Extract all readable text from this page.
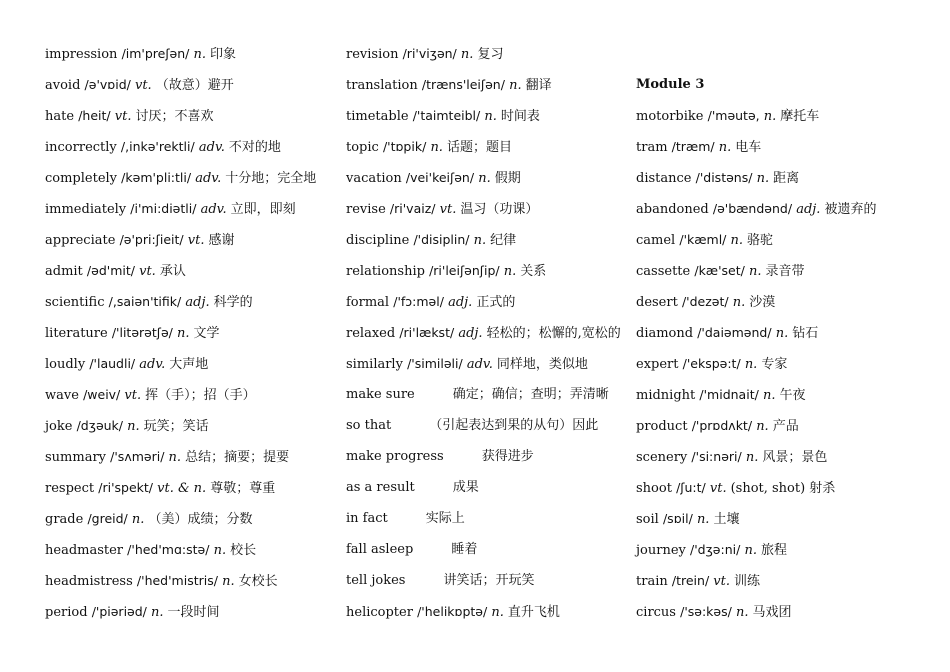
impression /im'preʃən/ n. 印象
avoid /ə'vɒid/ vt. （故意）避开
hate /heit/ vt. 讨厌；不喜欢
incorrectly /,inkə'rektli/ adv. 不对的地
completely /kəm'pli:tli/ adv. 十分地；完全地
immediately /i'mi:diətli/ adv. 立即，即刻
appreciate /ə'pri:ʃieit/ vt. 感谢
admit /əd'mit/ vt. 承认
scientific /,saiən'tifik/ adj. 科学的
literature /'litərətʃə/ n. 文学
loudly /'laudli/ adv. 大声地
wave /weiv/ vt. 挥（手）；招（手）
joke /dʒəuk/ n. 玩笑；笑话
summary /'sʌməri/ n. 总结；摘要；提要
respect /ri'spekt/ vt. & n. 尊敬；尊重
grade /greid/ n. （美）成绩；分数
headmaster /'hed'mɑ:stə/ n. 校长
headmistress /'hed'mistris/ n. 女校长
period /'piəriəd/ n. 一段时间
revision /ri'viʒən/ n. 复习
translation /træns'leiʃən/ n. 翻译
timetable /'taimteibl/ n. 时间表
topic /'tɒpik/ n. 话题；题目
vacation /vei'keiʃən/ n. 假期
revise /ri'vaiz/ vt. 温习（功课）
discipline /'disiplin/ n. 纪律
relationship /ri'leiʃənʃip/ n. 关系
formal /'fɔ:məl/ adj. 正式的
relaxed /ri'lækst/ adj. 轻松的；松懈的,宽松的
similarly /'similəli/ adv. 同样地，类似地
make sure	确定；确信；查明；弄清晰
so that	（引起表达到果的从句）因此
make progress	获得进步
as a result	成果
in fact	实际上
fall asleep	睡着
tell jokes	讲笑话；开玩笑
helicopter /'helikɒptə/ n. 直升飞机
Module 3
motorbike /'məutə, n. 摩托车
tram /træm/ n. 电车
distance /'distəns/ n. 距离
abandoned /ə'bændənd/ adj. 被遗弃的
camel /'kæml/ n. 骆驼
cassette /kæ'set/ n. 录音带
desert /'dezət/ n. 沙漠
diamond /'daiəmənd/ n. 钻石
expert /'ekspə:t/ n. 专家
midnight /'midnait/ n. 午夜
product /'prɒdʌkt/ n. 产品
scenery /'si:nəri/ n. 风景；景色
shoot /ʃu:t/ vt. (shot, shot) 射杀
soil /sɒil/ n. 土壤
journey /'dʒə:ni/ n. 旅程
train /trein/ vt. 训练
circus /'sə:kəs/ n. 马戏团
